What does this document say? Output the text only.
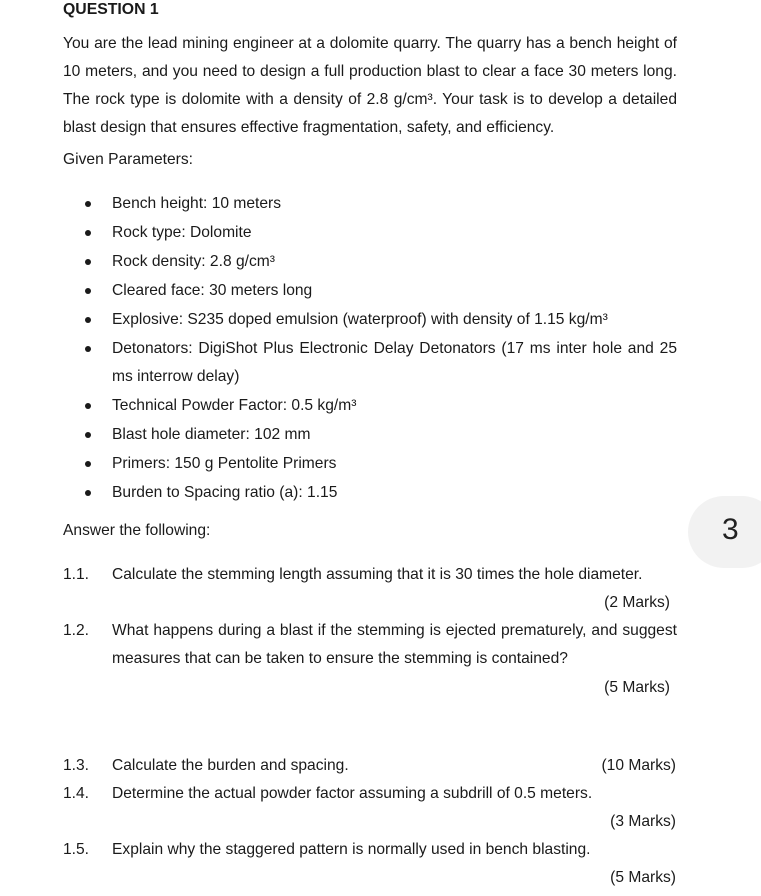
QUESTION 1
You are the lead mining engineer at a dolomite quarry. The quarry has a bench height of 10 meters, and you need to design a full production blast to clear a face 30 meters long. The rock type is dolomite with a density of 2.8 g/cm³. Your task is to develop a detailed blast design that ensures effective fragmentation, safety, and efficiency.
Given Parameters:
Bench height: 10 meters
Rock type: Dolomite
Rock density: 2.8 g/cm³
Cleared face: 30 meters long
Explosive: S235 doped emulsion (waterproof) with density of 1.15 kg/m³
Detonators: DigiShot Plus Electronic Delay Detonators (17 ms inter hole and 25 ms interrow delay)
Technical Powder Factor: 0.5 kg/m³
Blast hole diameter: 102 mm
Primers: 150 g Pentolite Primers
Burden to Spacing ratio (a): 1.15
Answer the following:
1.1. Calculate the stemming length assuming that it is 30 times the hole diameter.
(2 Marks)
1.2. What happens during a blast if the stemming is ejected prematurely, and suggest measures that can be taken to ensure the stemming is contained?
(5 Marks)
1.3. Calculate the burden and spacing.	(10 Marks)
1.4. Determine the actual powder factor assuming a subdrill of 0.5 meters.
(3 Marks)
1.5. Explain why the staggered pattern is normally used in bench blasting.
(5 Marks)
3
